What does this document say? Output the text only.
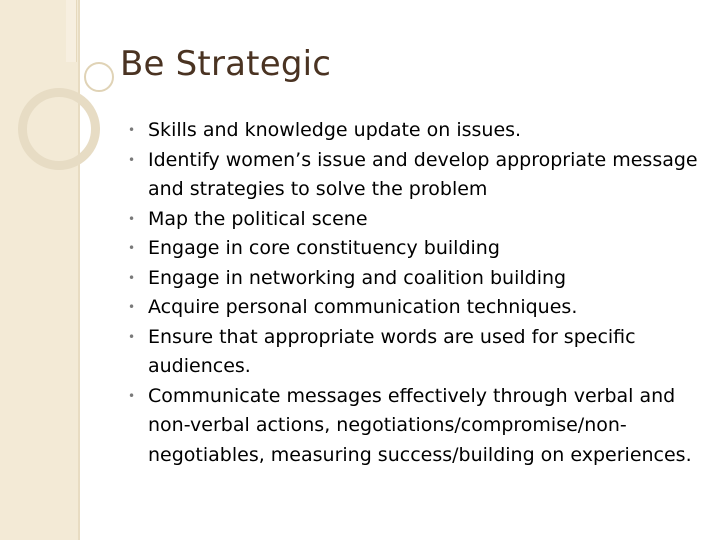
Be Strategic
• Skills and knowledge update on issues.
• Identify women’s issue and develop appropriate message and strategies to solve the problem
• Map the political scene
• Engage in core constituency building
• Engage in networking and coalition building
• Acquire personal communication techniques.
• Ensure that appropriate words are used for specific audiences.
• Communicate messages effectively through verbal and non-verbal actions, negotiations/compromise/non-negotiables, measuring success/building on experiences.
